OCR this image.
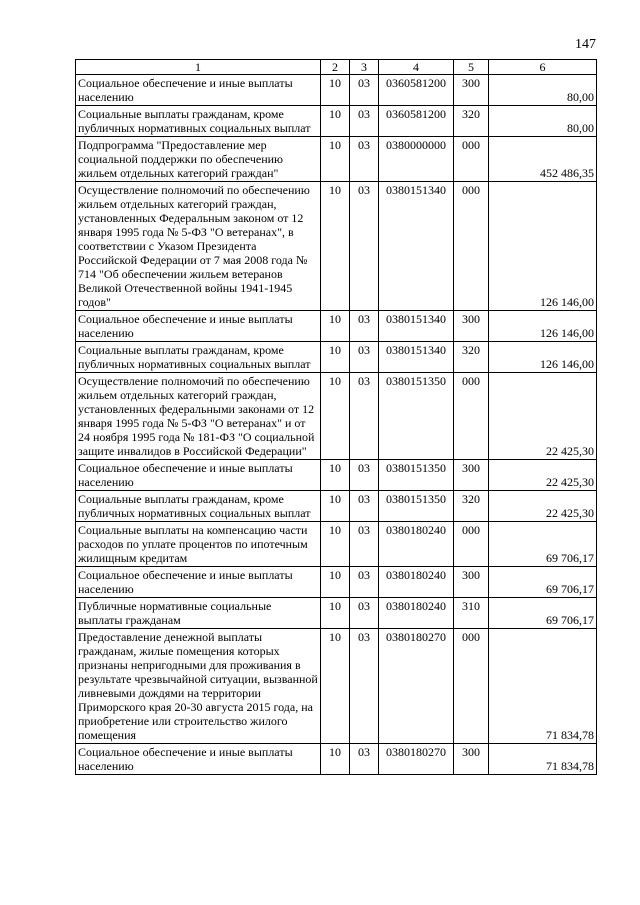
147
1	2	3	4	5	6
Социальное обеспечение и иные выплаты населению	10	03	0360581200	300	80,00
Социальные выплаты гражданам, кроме публичных нормативных социальных выплат	10	03	0360581200	320	80,00
Подпрограмма "Предоставление мер социальной поддержки по обеспечению жильем отдельных категорий граждан"	10	03	0380000000	000	452 486,35
Осуществление полномочий по обеспечению жильем отдельных категорий граждан, установленных Федеральным законом от 12 января 1995 года № 5-ФЗ "О ветеранах", в соответствии с Указом Президента Российской Федерации от 7 мая 2008 года № 714 "Об обеспечении жильем ветеранов Великой Отечественной войны 1941-1945 годов"	10	03	0380151340	000	126 146,00
Социальное обеспечение и иные выплаты населению	10	03	0380151340	300	126 146,00
Социальные выплаты гражданам, кроме публичных нормативных социальных выплат	10	03	0380151340	320	126 146,00
Осуществление полномочий по обеспечению жильем отдельных категорий граждан, установленных федеральными законами от 12 января 1995 года № 5-ФЗ "О ветеранах" и от 24 ноября 1995 года № 181-ФЗ "О социальной защите инвалидов в Российской Федерации"	10	03	0380151350	000	22 425,30
Социальное обеспечение и иные выплаты населению	10	03	0380151350	300	22 425,30
Социальные выплаты гражданам, кроме публичных нормативных социальных выплат	10	03	0380151350	320	22 425,30
Социальные выплаты на компенсацию части расходов по уплате процентов по ипотечным жилищным кредитам	10	03	0380180240	000	69 706,17
Социальное обеспечение и иные выплаты населению	10	03	0380180240	300	69 706,17
Публичные нормативные социальные выплаты гражданам	10	03	0380180240	310	69 706,17
Предоставление денежной выплаты гражданам, жилые помещения которых признаны непригодными для проживания в результате чрезвычайной ситуации, вызванной ливневыми дождями на территории Приморского края 20-30 августа 2015 года, на приобретение или строительство жилого помещения	10	03	0380180270	000	71 834,78
Социальное обеспечение и иные выплаты населению	10	03	0380180270	300	71 834,78
